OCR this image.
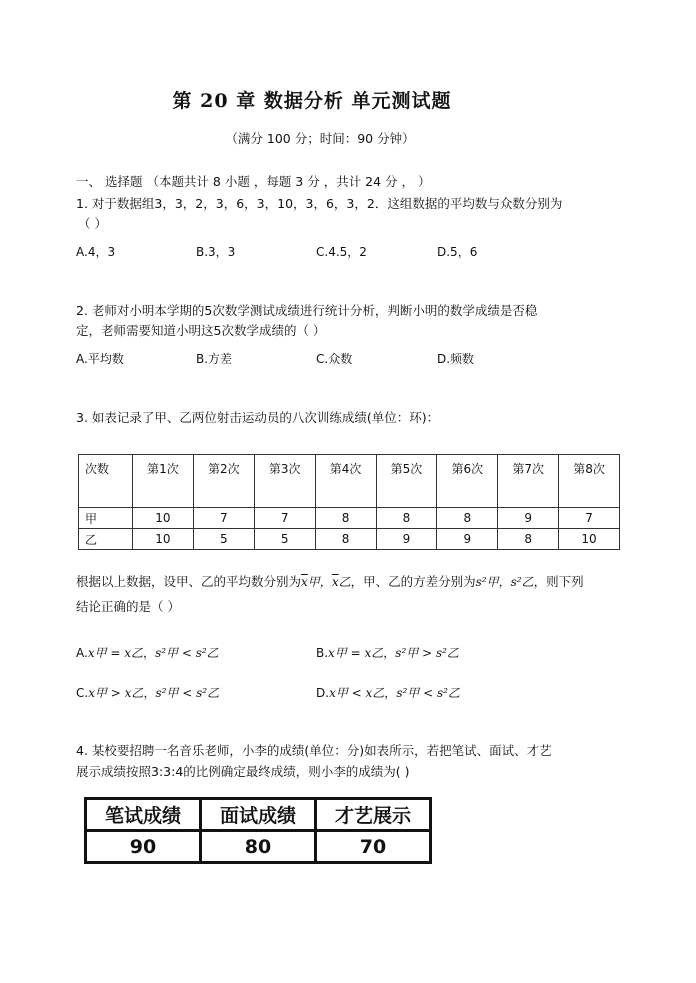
第 20 章 数据分析 单元测试题
（满分 100 分；时间：90 分钟）
一、 选择题 （本题共计 8 小题 ，每题 3 分 ，共计 24 分 ， ）
1. 对于数据组3，3，2，3，6，3，10，3，6，3，2．这组数据的平均数与众数分别为
（ ）
A.4，3	B.3，3	C.4.5，2	D.5，6
2. 老师对小明本学期的5次数学测试成绩进行统计分析，判断小明的数学成绩是否稳
定，老师需要知道小明这5次数学成绩的（ ）
A.平均数	B.方差	C.众数	D.频数
3. 如表记录了甲、乙两位射击运动员的八次训练成绩(单位：环)：
次数	第1次	第2次	第3次	第4次	第5次	第6次	第7次	第8次
甲	10	7	7	8	8	8	9	7
乙	10	5	5	8	9	9	8	10
根据以上数据，设甲、乙的平均数分别为$\overline{x}$甲，$\overline{x}$乙，甲、乙的方差分别为s²甲，s²乙，则下列
结论正确的是（ ）
A.x甲 = x乙，s²甲 < s²乙	B.x甲 = x乙，s²甲 > s²乙
C.x甲 > x乙，s²甲 < s²乙	D.x甲 < x乙，s²甲 < s²乙
4. 某校要招聘一名音乐老师，小李的成绩(单位：分)如表所示，若把笔试、面试、才艺
展示成绩按照3:3:4的比例确定最终成绩，则小李的成绩为( )
笔试成绩	面试成绩	才艺展示
90	80	70
